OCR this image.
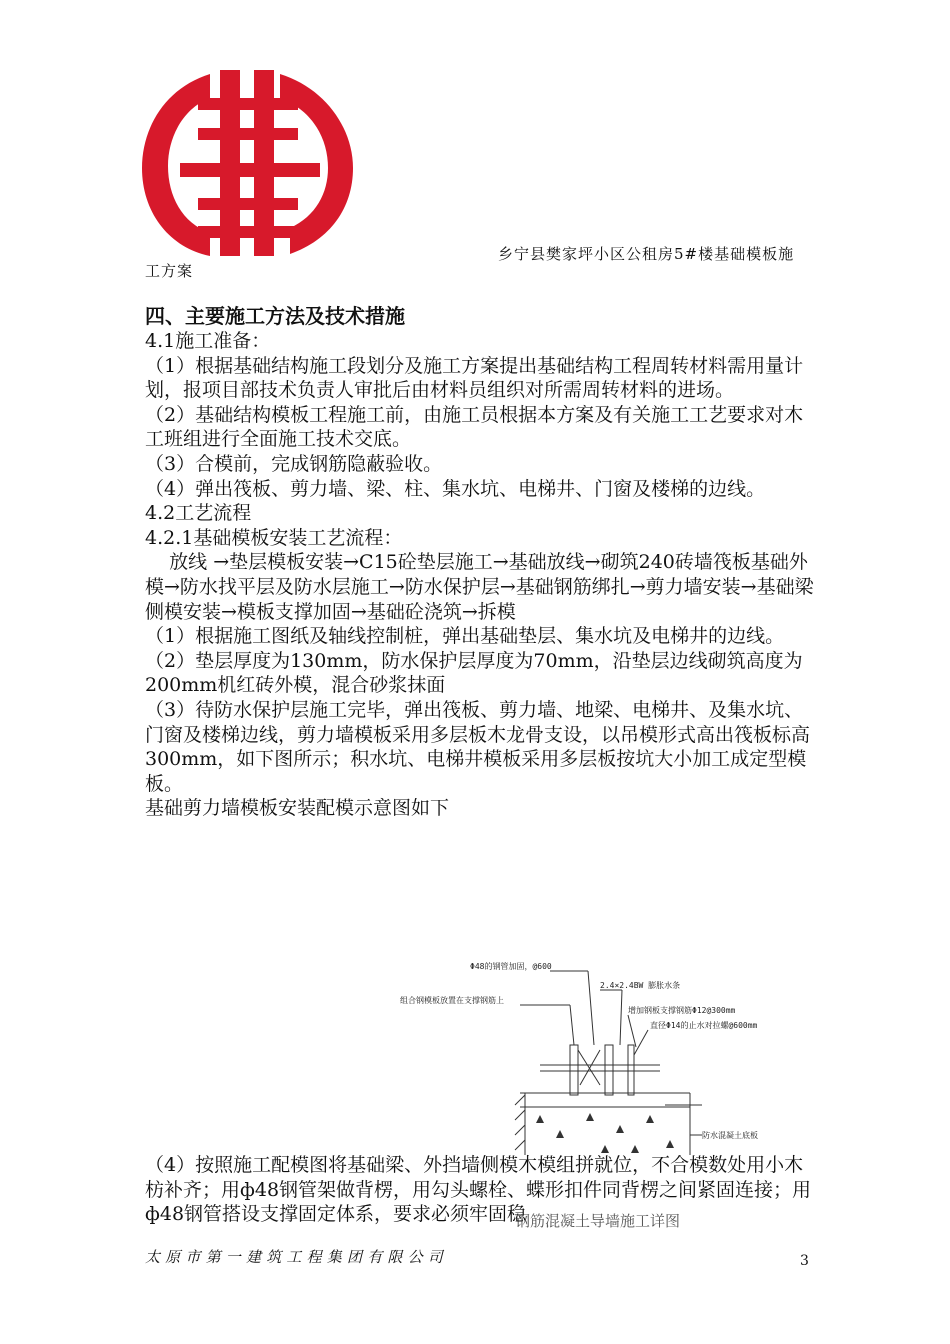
乡宁县樊家坪小区公租房5#楼基础模板施
工方案
四、主要施工方法及技术措施

4.1施工准备：

（1）根据基础结构施工段划分及施工方案提出基础结构工程周转材料需用量计划，报项目部技术负责人审批后由材料员组织对所需周转材料的进场。

（2）基础结构模板工程施工前，由施工员根据本方案及有关施工工艺要求对木工班组进行全面施工技术交底。

（3）合模前，完成钢筋隐蔽验收。

（4）弹出筏板、剪力墙、梁、柱、集水坑、电梯井、门窗及楼梯的边线。

4.2工艺流程

4.2.1基础模板安装工艺流程：

放线 →垫层模板安装→C15砼垫层施工→基础放线→砌筑240砖墙筏板基础外模→防水找平层及防水层施工→防水保护层→基础钢筋绑扎→剪力墙安装→基础梁侧模安装→模板支撑加固→基础砼浇筑→拆模

（1）根据施工图纸及轴线控制桩，弹出基础垫层、集水坑及电梯井的边线。

（2）垫层厚度为130mm，防水保护层厚度为70mm，沿垫层边线砌筑高度为200mm机红砖外模，混合砂浆抹面

（3）待防水保护层施工完毕，弹出筏板、剪力墙、地梁、电梯井、及集水坑、门窗及楼梯边线，剪力墙模板采用多层板木龙骨支设，以吊模形式高出筏板标高300mm，如下图所示；积水坑、电梯井模板采用多层板按坑大小加工成定型模板。

基础剪力墙模板安装配模示意图如下

Φ48的钢管加固，@600
2.4×2.4BW 膨胀水条
组合钢模板放置在支撑钢筋上
增加钢板支撑钢筋Φ12@300mm
直径Φ14的止水对拉螺@600mm
防水混凝土底板
钢筋混凝土导墙施工详图

（4）按照施工配模图将基础梁、外挡墙侧模木模组拼就位，不合模数处用小木枋补齐；用ф48钢管架做背楞，用勾头螺栓、蝶形扣件同背楞之间紧固连接；用ф48钢管搭设支撑固定体系，要求必须牢固稳

太原市第一建筑工程集团有限公司	3
